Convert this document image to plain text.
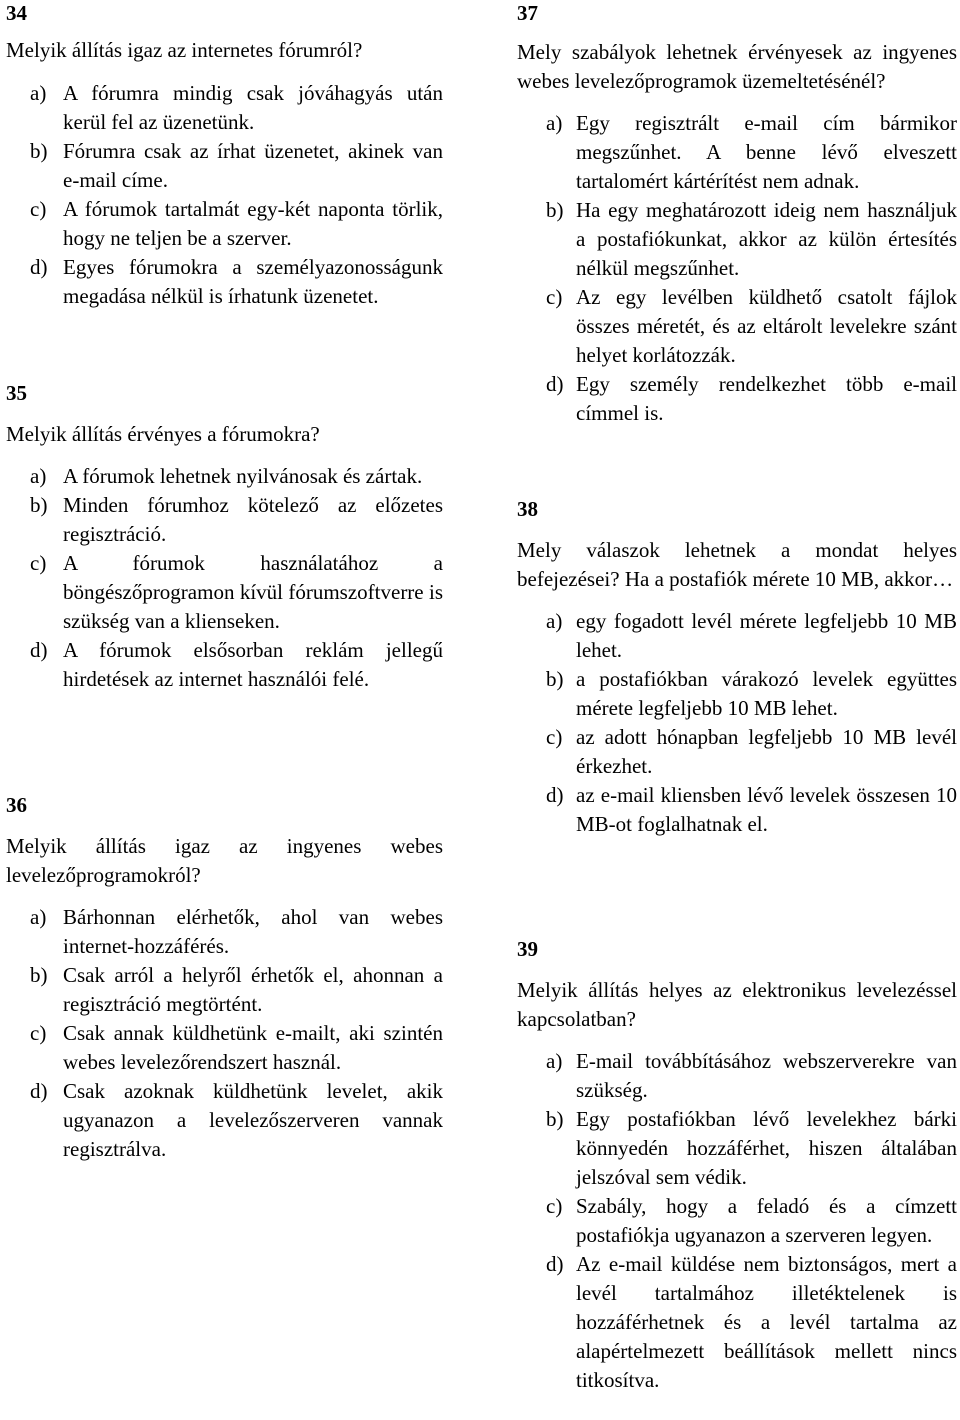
34

Melyik állítás igaz az internetes fórumról?

a) A fórumra mindig csak jóváhagyás után kerül fel az üzenetünk.
b) Fórumra csak az írhat üzenetet, akinek van e-mail címe.
c) A fórumok tartalmát egy-két naponta törlik, hogy ne teljen be a szerver.
d) Egyes fórumokra a személyazonosságunk megadása nélkül is írhatunk üzenetet.
35

Melyik állítás érvényes a fórumokra?

a) A fórumok lehetnek nyilvánosak és zártak.
b) Minden fórumhoz kötelező az előzetes regisztráció.
c) A fórumok használatához a böngészőprogramon kívül fórumszoftverre is szükség van a klienseken.
d) A fórumok elsősorban reklám jellegű hirdetések az internet használói felé.
36

Melyik állítás igaz az ingyenes webes levelezőprogramokról?

a) Bárhonnan elérhetők, ahol van webes internet-hozzáférés.
b) Csak arról a helyről érhetők el, ahonnan a regisztráció megtörtént.
c) Csak annak küldhetünk e-mailt, aki szintén webes levelezőrendszert használ.
d) Csak azoknak küldhetünk levelet, akik ugyanazon a levelezőszerveren vannak regisztrálva.
37

Mely szabályok lehetnek érvényesek az ingyenes webes levelezőprogramok üzemeltetésénél?

a) Egy regisztrált e-mail cím bármikor megszűnhet. A benne lévő elveszett tartalomért kártérítést nem adnak.
b) Ha egy meghatározott ideig nem használjuk a postafiókunkat, akkor az külön értesítés nélkül megszűnhet.
c) Az egy levélben küldhető csatolt fájlok összes méretét, és az eltárolt levelekre szánt helyet korlátozzák.
d) Egy személy rendelkezhet több e-mail címmel is.
38

Mely válaszok lehetnek a mondat helyes befejezései? Ha a postafiók mérete 10 MB, akkor…

a) egy fogadott levél mérete legfeljebb 10 MB lehet.
b) a postafiókban várakozó levelek együttes mérete legfeljebb 10 MB lehet.
c) az adott hónapban legfeljebb 10 MB levél érkezhet.
d) az e-mail kliensben lévő levelek összesen 10 MB-ot foglalhatnak el.
39

Melyik állítás helyes az elektronikus levelezéssel kapcsolatban?

a) E-mail továbbításához webszerverekre van szükség.
b) Egy postafiókban lévő levelekhez bárki könnyedén hozzáférhet, hiszen általában jelszóval sem védik.
c) Szabály, hogy a feladó és a címzett postafiókja ugyanazon a szerveren legyen.
d) Az e-mail küldése nem biztonságos, mert a levél tartalmához illetéktelenek is hozzáférhetnek és a levél tartalma az alapértelmezett beállítások mellett nincs titkosítva.
